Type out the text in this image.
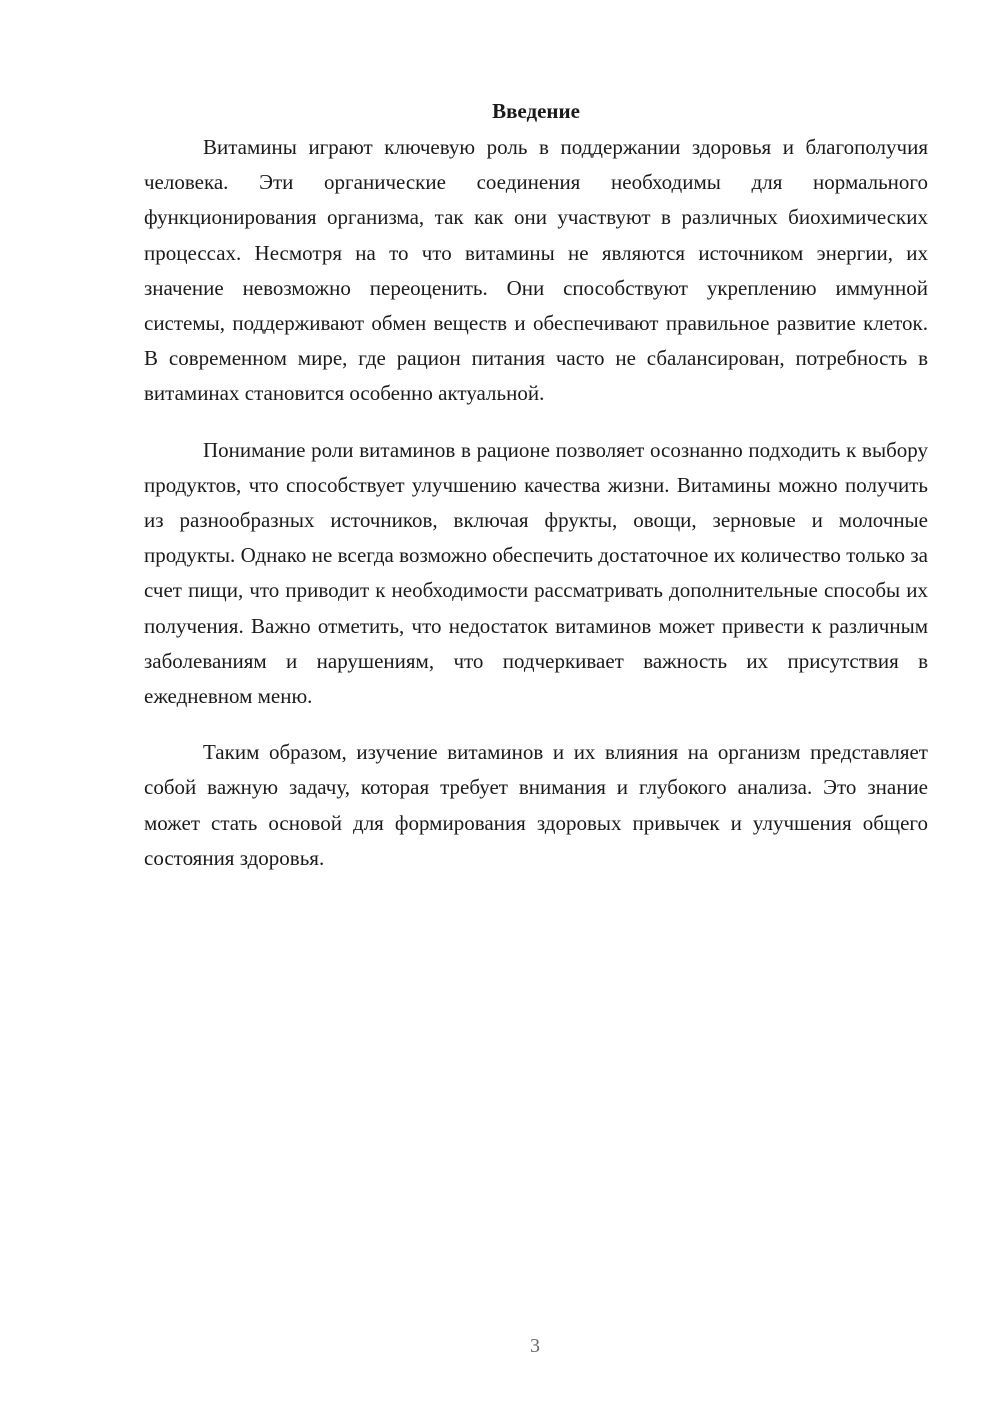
Введение

Витамины играют ключевую роль в поддержании здоровья и благополучия человека. Эти органические соединения необходимы для нормального функционирования организма, так как они участвуют в различных биохимических процессах. Несмотря на то что витамины не являются источником энергии, их значение невозможно переоценить. Они способствуют укреплению иммунной системы, поддерживают обмен веществ и обеспечивают правильное развитие клеток. В современном мире, где рацион питания часто не сбалансирован, потребность в витаминах становится особенно актуальной.

Понимание роли витаминов в рационе позволяет осознанно подходить к выбору продуктов, что способствует улучшению качества жизни. Витамины можно получить из разнообразных источников, включая фрукты, овощи, зерновые и молочные продукты. Однако не всегда возможно обеспечить достаточное их количество только за счет пищи, что приводит к необходимости рассматривать дополнительные способы их получения. Важно отметить, что недостаток витаминов может привести к различным заболеваниям и нарушениям, что подчеркивает важность их присутствия в ежедневном меню.

Таким образом, изучение витаминов и их влияния на организм представляет собой важную задачу, которая требует внимания и глубокого анализа. Это знание может стать основой для формирования здоровых привычек и улучшения общего состояния здоровья.

3
